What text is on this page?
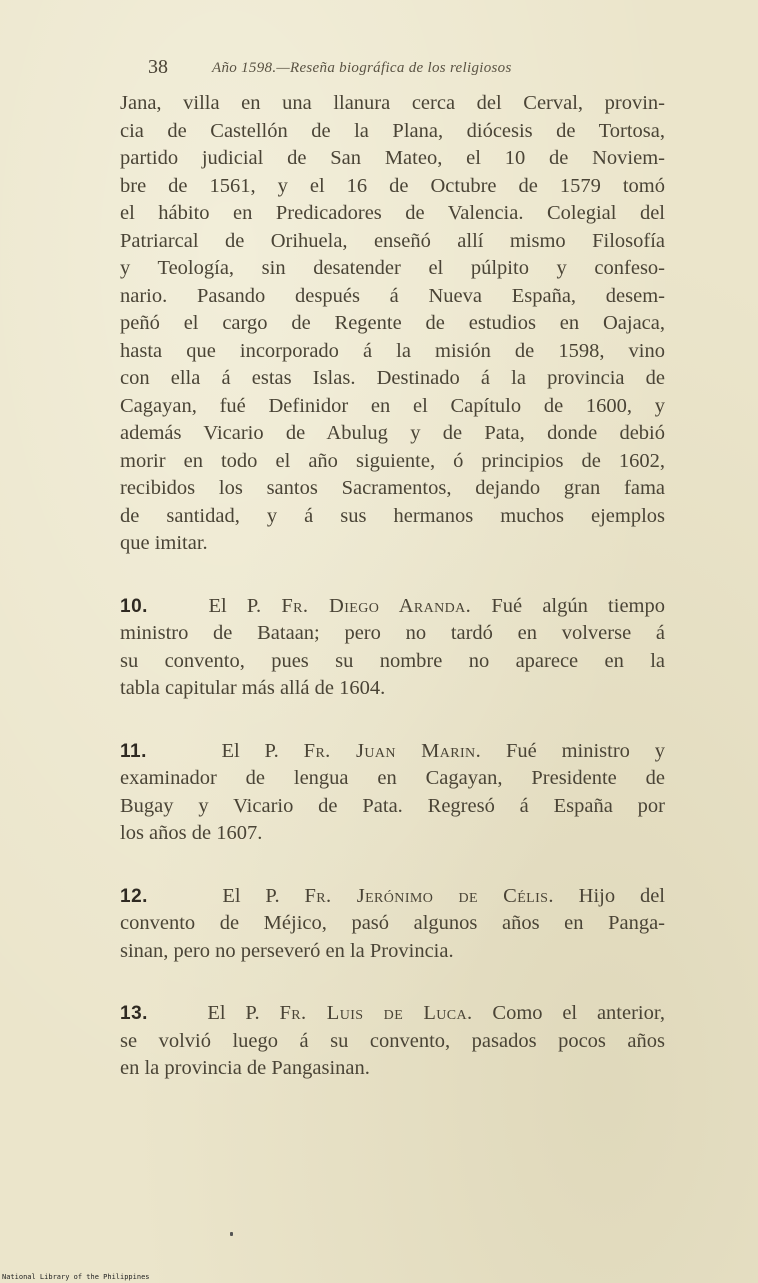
38	Año 1598.—Reseña biográfica de los religiosos
Jana, villa en una llanura cerca del Cerval, provin-
cia de Castellón de la Plana, diócesis de Tortosa,
partido judicial de San Mateo, el 10 de Noviem-
bre de 1561, y el 16 de Octubre de 1579 tomó
el hábito en Predicadores de Valencia. Colegial del
Patriarcal de Orihuela, enseñó allí mismo Filosofía
y Teología, sin desatender el púlpito y confeso-
nario. Pasando después á Nueva España, desem-
peñó el cargo de Regente de estudios en Oajaca,
hasta que incorporado á la misión de 1598, vino
con ella á estas Islas. Destinado á la provincia de
Cagayan, fué Definidor en el Capítulo de 1600, y
además Vicario de Abulug y de Pata, donde debió
morir en todo el año siguiente, ó principios de 1602,
recibidos los santos Sacramentos, dejando gran fama
de santidad, y á sus hermanos muchos ejemplos
que imitar.
10.	El P. Fr. Diego Aranda. Fué algún tiempo
ministro de Bataan; pero no tardó en volverse á
su convento, pues su nombre no aparece en la
tabla capitular más allá de 1604.
11.	El P. Fr. Juan Marin. Fué ministro y
examinador de lengua en Cagayan, Presidente de
Bugay y Vicario de Pata. Regresó á España por
los años de 1607.
12.	El P. Fr. Jerónimo de Célis. Hijo del
convento de Méjico, pasó algunos años en Panga-
sinan, pero no perseveró en la Provincia.
13.	El P. Fr. Luis de Luca. Como el anterior,
se volvió luego á su convento, pasados pocos años
en la provincia de Pangasinan.
National Library of the Philippines
